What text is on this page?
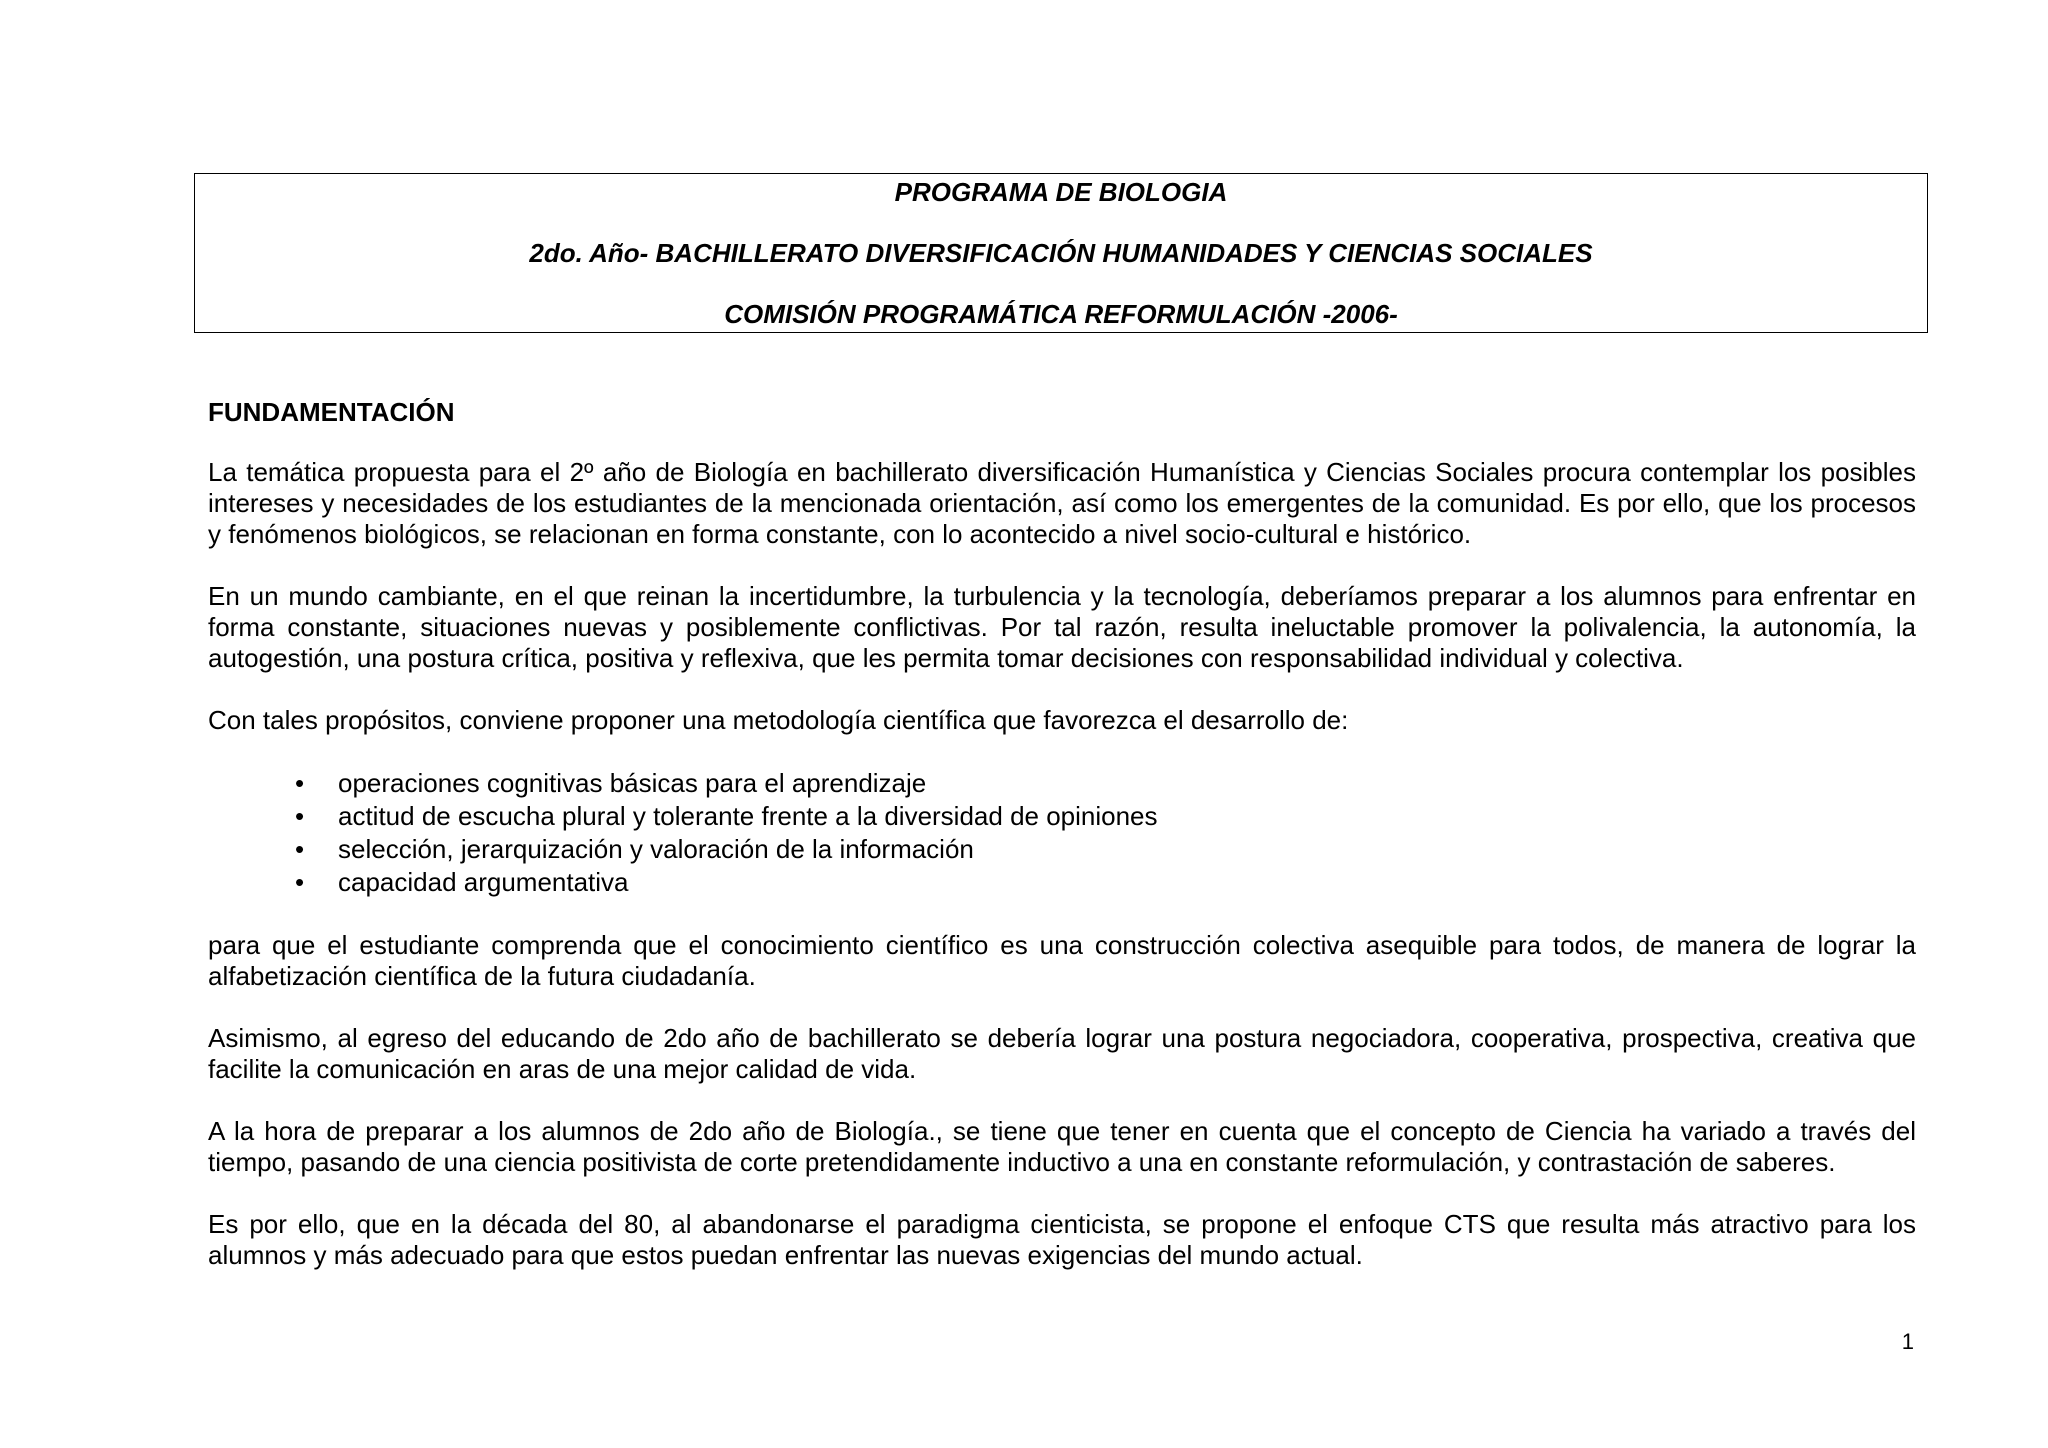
PROGRAMA DE BIOLOGIA
2do. Año- BACHILLERATO DIVERSIFICACIÓN HUMANIDADES Y CIENCIAS SOCIALES
COMISIÓN PROGRAMÁTICA REFORMULACIÓN -2006-
FUNDAMENTACIÓN

La temática propuesta para el 2º año de Biología en bachillerato diversificación Humanística y Ciencias Sociales procura contemplar los posibles intereses y necesidades de los estudiantes de la mencionada orientación, así como los emergentes de la comunidad. Es por ello, que los procesos y fenómenos biológicos, se relacionan en forma constante, con lo acontecido a nivel socio-cultural e histórico.

En un mundo cambiante, en el que reinan la incertidumbre, la turbulencia y la tecnología, deberíamos preparar a los alumnos para enfrentar en forma constante, situaciones nuevas y posiblemente conflictivas. Por tal razón, resulta ineluctable promover la polivalencia, la autonomía, la autogestión, una postura crítica, positiva y reflexiva, que les permita tomar decisiones con responsabilidad individual y colectiva.

Con tales propósitos, conviene proponer una metodología científica que favorezca el desarrollo de:

• operaciones cognitivas básicas para el aprendizaje
• actitud de escucha plural y tolerante frente a la diversidad de opiniones
• selección, jerarquización y valoración de la información
• capacidad argumentativa

para que el estudiante comprenda que el conocimiento científico es una construcción colectiva asequible para todos, de manera de lograr la alfabetización científica de la futura ciudadanía.

Asimismo, al egreso del educando de 2do año de bachillerato se debería lograr una postura negociadora, cooperativa, prospectiva, creativa que facilite la comunicación en aras de una mejor calidad de vida.

A la hora de preparar a los alumnos de 2do año de Biología., se tiene que tener en cuenta que el concepto de Ciencia ha variado a través del tiempo, pasando de una ciencia positivista de corte pretendidamente inductivo a una en constante reformulación, y contrastación de saberes.

Es por ello, que en la década del 80, al abandonarse el paradigma cienticista, se propone el enfoque CTS que resulta más atractivo para los alumnos y más adecuado para que estos puedan enfrentar las nuevas exigencias del mundo actual.

1
